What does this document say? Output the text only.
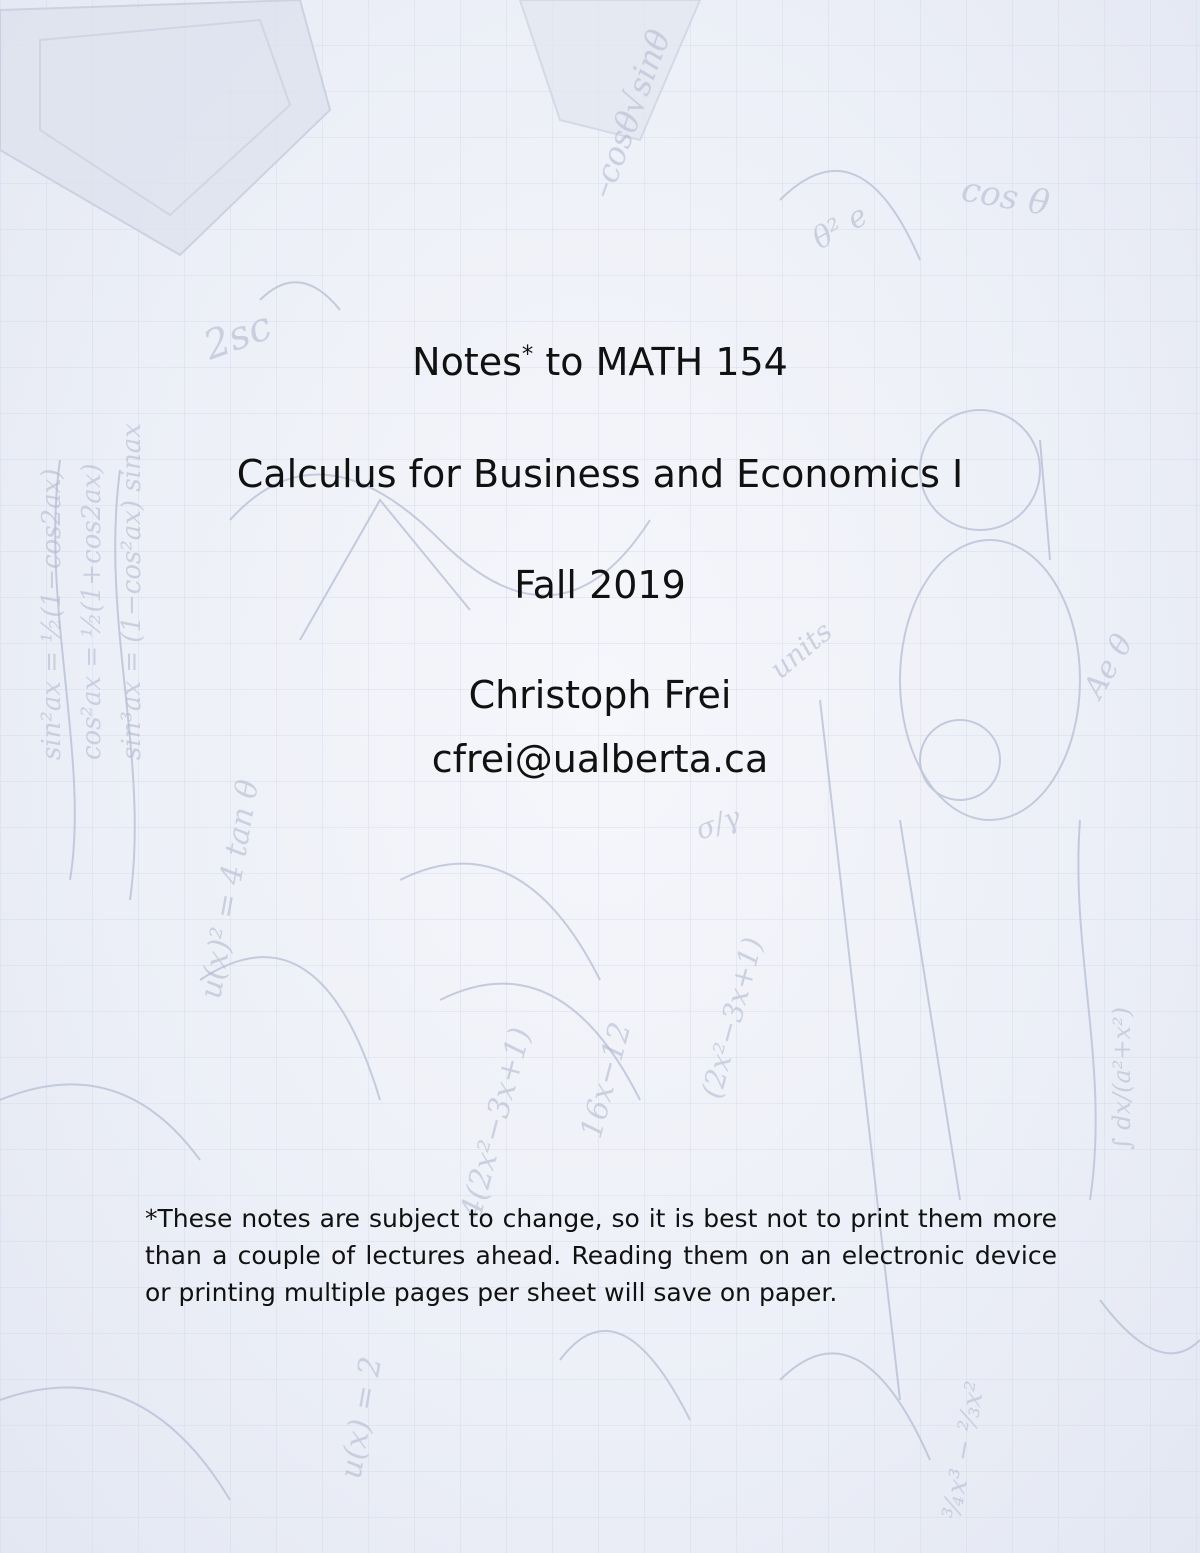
2sc
–cosθ√sinθ
θ² e
cos θ
sin²ax = ½(1−cos2ax) cos²ax = ½(1+cos2ax) sin³ax = (1−cos²ax) sinax
u(x)² = 4 tan θ
4(2x²−3x+1) 16x−12 (2x²−3x+1)
Ae θ
∫ dx/(a²+x²)
units
σ/γ
u(x) = 2	¾x³ − ⅔x²
Notes* to MATH 154
Calculus for Business and Economics I
Fall 2019
Christoph Frei
cfrei@ualberta.ca
*These notes are subject to change, so it is best not to print them more than a couple of lectures ahead. Reading them on an electronic device or printing multiple pages per sheet will save on paper.
